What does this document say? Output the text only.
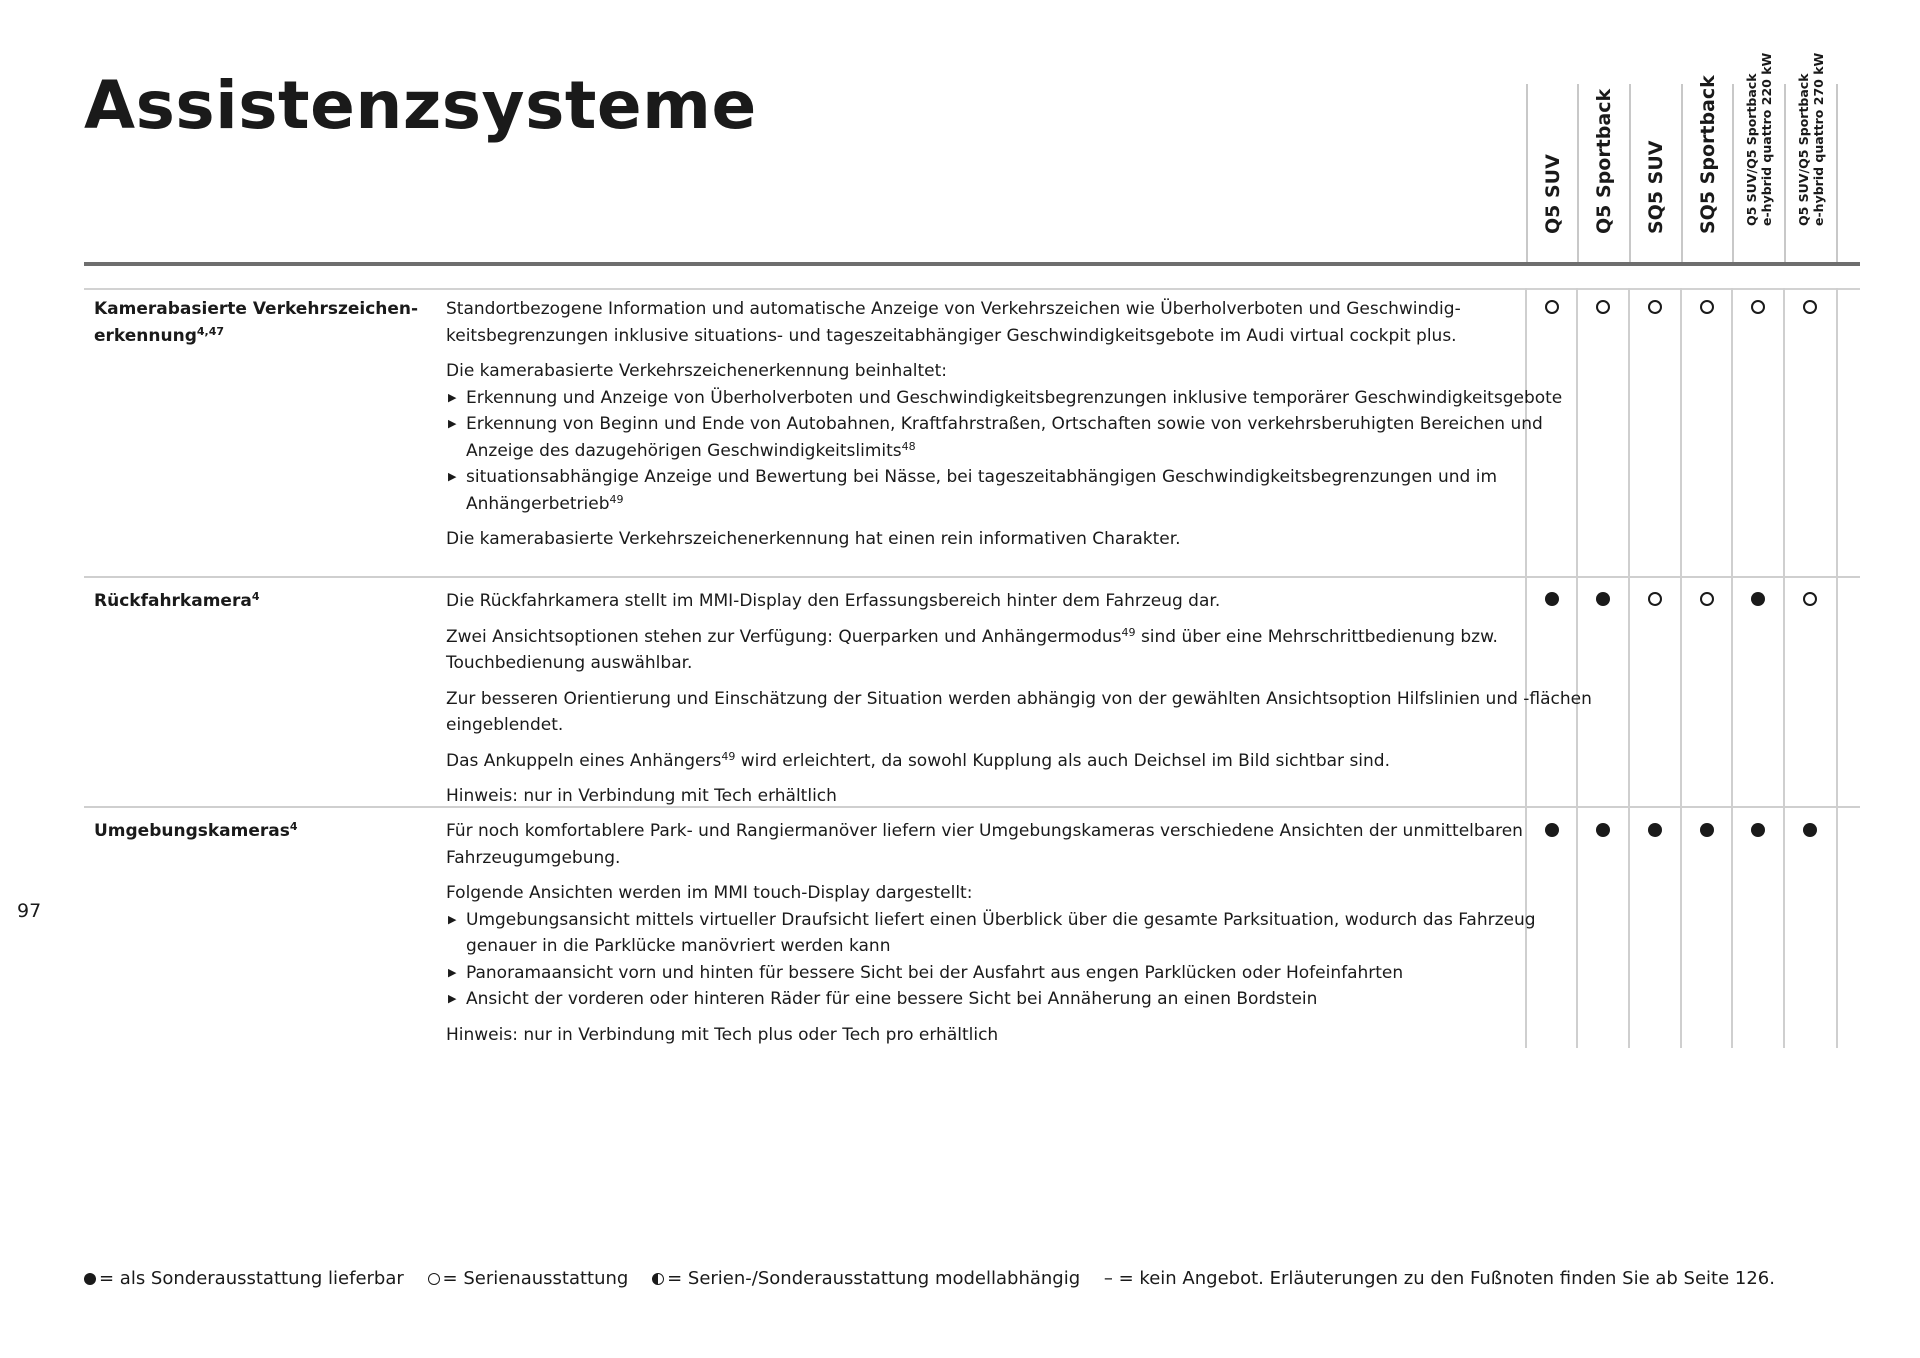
Assistenzsysteme
Q5 SUV Q5 Sportback SQ5 SUV SQ5 Sportback Q5 SUV/Q5 Sportback e-hybrid quattro 220 kW Q5 SUV/Q5 Sportback e-hybrid quattro 270 kW
Kamerabasierte Verkehrszeichen-
erkennung$^{4,47}$

Standortbezogene Information und automatische Anzeige von Verkehrszeichen wie Überholverboten und Geschwindigkeitsbegrenzungen inklusive situations- und tageszeitabhängiger Geschwindigkeitsgebote im Audi virtual cockpit plus.

Die kamerabasierte Verkehrszeichenerkennung beinhaltet:

▶ Erkennung und Anzeige von Überholverboten und Geschwindigkeitsbegrenzungen inklusive temporärer Geschwindigkeitsgebote
▶ Erkennung von Beginn und Ende von Autobahnen, Kraftfahrstraßen, Ortschaften sowie von verkehrsberuhigten Bereichen und Anzeige des dazugehörigen Geschwindigkeitslimits$^{48}$
▶ situationsabhängige Anzeige und Bewertung bei Nässe, bei tageszeitabhängigen Geschwindigkeitsbegrenzungen und im Anhängerbetrieb$^{49}$

Die kamerabasierte Verkehrszeichenerkennung hat einen rein informativen Charakter.

Rückfahrkamera$^4$	Die Rückfahrkamera stellt im MMI-Display den Erfassungsbereich hinter dem Fahrzeug dar.

Zwei Ansichtsoptionen stehen zur Verfügung: Querparken und Anhängermodus$^{49}$ sind über eine Mehrschrittbedienung bzw. Touchbedienung auswählbar.

Zur besseren Orientierung und Einschätzung der Situation werden abhängig von der gewählten Ansichtsoption Hilfslinien und -flächen eingeblendet.

Das Ankuppeln eines Anhängers$^{49}$ wird erleichtert, da sowohl Kupplung als auch Deichsel im Bild sichtbar sind.

Hinweis: nur in Verbindung mit Tech erhältlich

Umgebungskameras$^4$	Für noch komfortablere Park- und Rangiermanöver liefern vier Umgebungskameras verschiedene Ansichten der unmittelbaren Fahrzeugumgebung.

Folgende Ansichten werden im MMI touch-Display dargestellt:

▶ Umgebungsansicht mittels virtueller Draufsicht liefert einen Überblick über die gesamte Parksituation, wodurch das Fahrzeug genauer in die Parklücke manövriert werden kann
▶ Panoramaansicht vorn und hinten für bessere Sicht bei der Ausfahrt aus engen Parklücken oder Hofeinfahrten
▶ Ansicht der vorderen oder hinteren Räder für eine bessere Sicht bei Annäherung an einen Bordstein

Hinweis: nur in Verbindung mit Tech plus oder Tech pro erhältlich

97
= als Sonderausstattung lieferbar = Serienausstattung = Serien-/Sonderausstattung modellabhängig – = kein Angebot. Erläuterungen zu den Fußnoten finden Sie ab Seite 126.
